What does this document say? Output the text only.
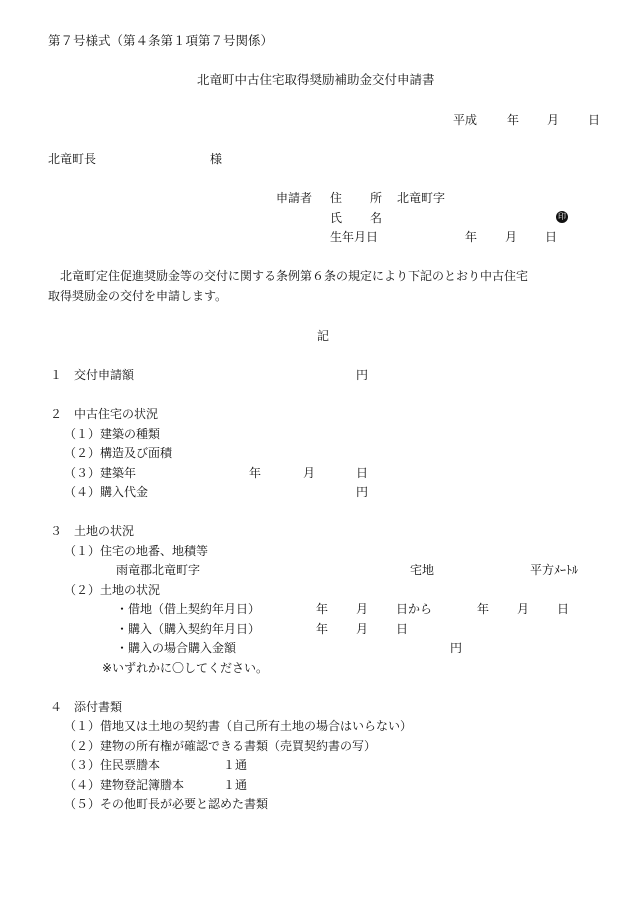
第７号様式（第４条第１項第７号関係）
北竜町中古住宅取得奨励補助金交付申請書
平成 年 月 日
北竜町長	様
申請者 住 所 北竜町字
氏 名	印
生年月日	年 月 日
北竜町定住促進奨励金等の交付に関する条例第６条の規定により下記のとおり中古住宅
取得奨励金の交付を申請します。
記
１ 交付申請額	円
２ 中古住宅の状況
（１）建築の種類
（２）構造及び面積
（３）建築年	年	月	日
（４）購入代金	円
３ 土地の状況
（１）住宅の地番、地積等
雨竜郡北竜町字	宅地	平方ﾒｰﾄﾙ
（２）土地の状況
・借地（借上契約年月日）	年 月 日から	年 月 日
・購入（購入契約年月日）	年 月 日
・購入の場合購入金額	円
※いずれかに〇してください。
４ 添付書類
（１）借地又は土地の契約書（自己所有土地の場合はいらない）
（２）建物の所有権が確認できる書類（売買契約書の写）
（３）住民票謄本	１通
（４）建物登記簿謄本	１通
（５）その他町長が必要と認めた書類
